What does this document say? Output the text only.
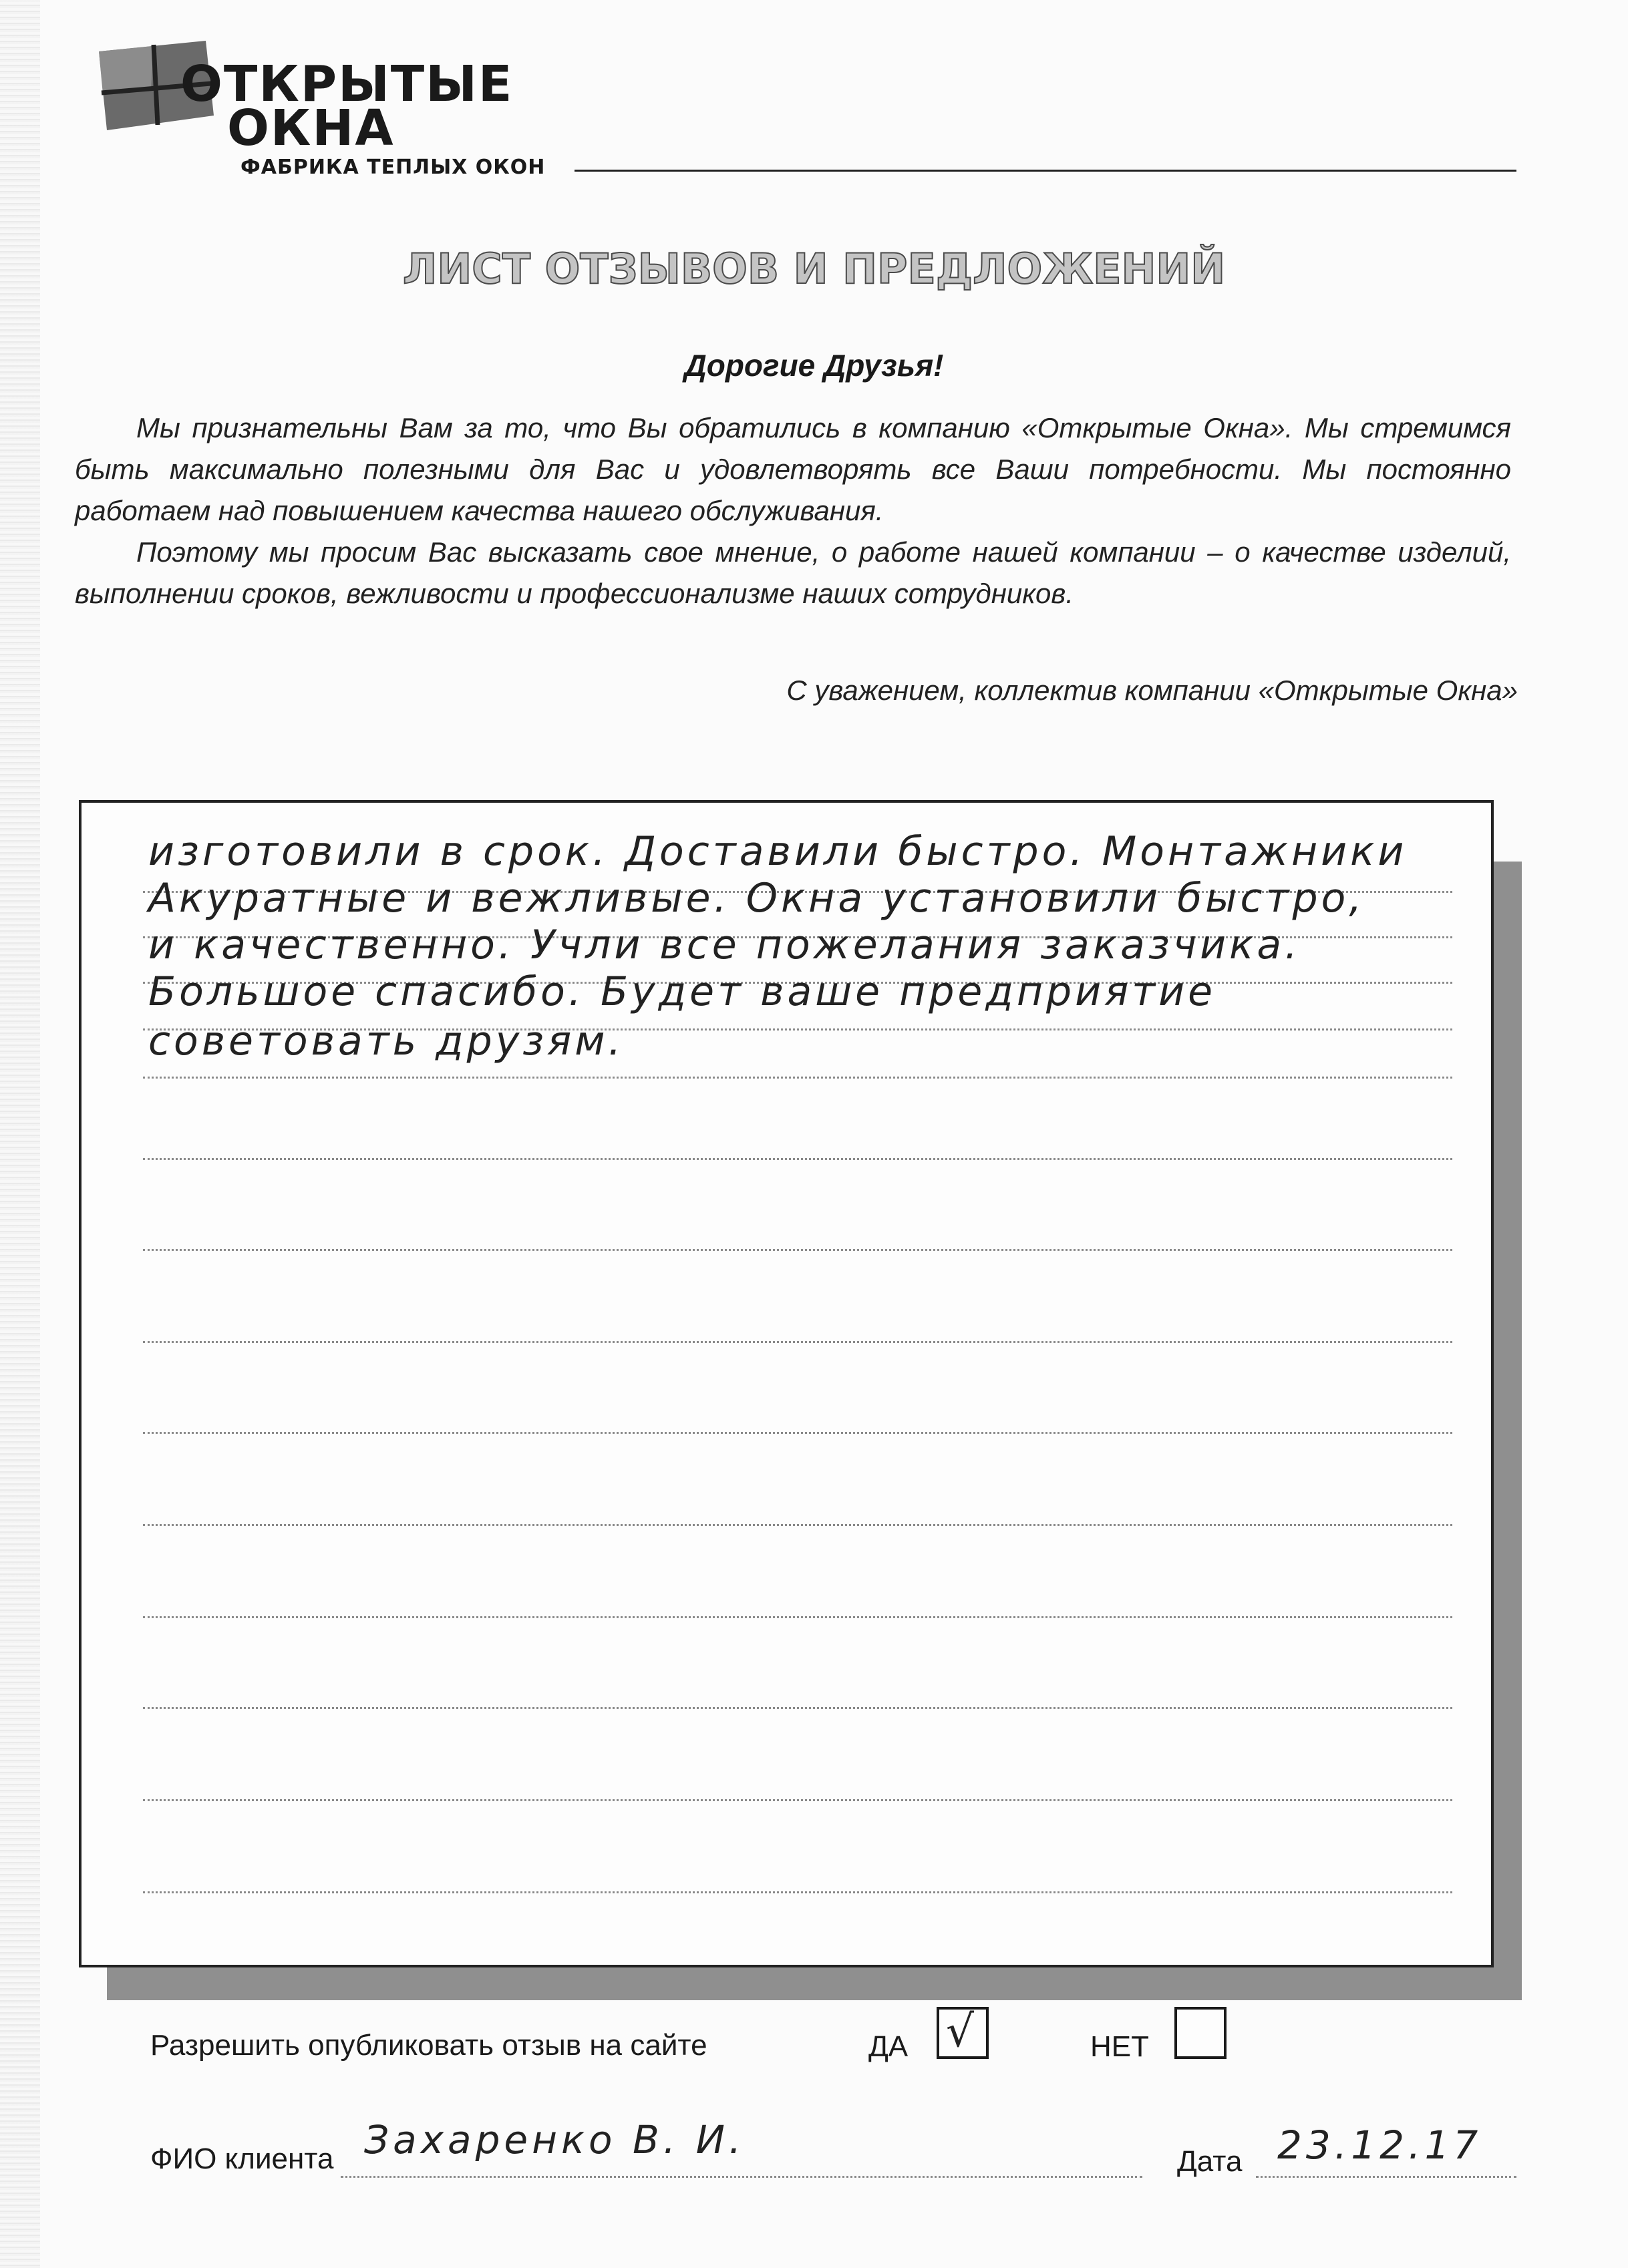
ОТКРЫТЫЕ
ОКНА
ФАБРИКА ТЕПЛЫХ ОКОН
ЛИСТ ОТЗЫВОВ И ПРЕДЛОЖЕНИЙ
Дорогие Друзья!

Мы признательны Вам за то, что Вы обратились в компанию «Открытые Окна». Мы стремимся быть максимально полезными для Вас и удовлетворять все Ваши потребности. Мы постоянно работаем над повышением качества нашего обслуживания.

Поэтому мы просим Вас высказать свое мнение, о работе нашей компании – о качестве изделий, выполнении сроков, вежливости и профессионализме наших сотрудников.

С уважением, коллектив компании «Открытые Окна»
изготовили в срок. Доставили быстро. Монтажники
Акуратные и вежливые. Окна установили быстро,
и качественно. Учли все пожелания заказчика.
Большое спасибо. Будет ваше предприятие
советовать друзям.
Разрешить опубликовать отзыв на сайте	ДА √	НЕТ
ФИО клиента Захаренко В. И.	Дата 23.12.17
